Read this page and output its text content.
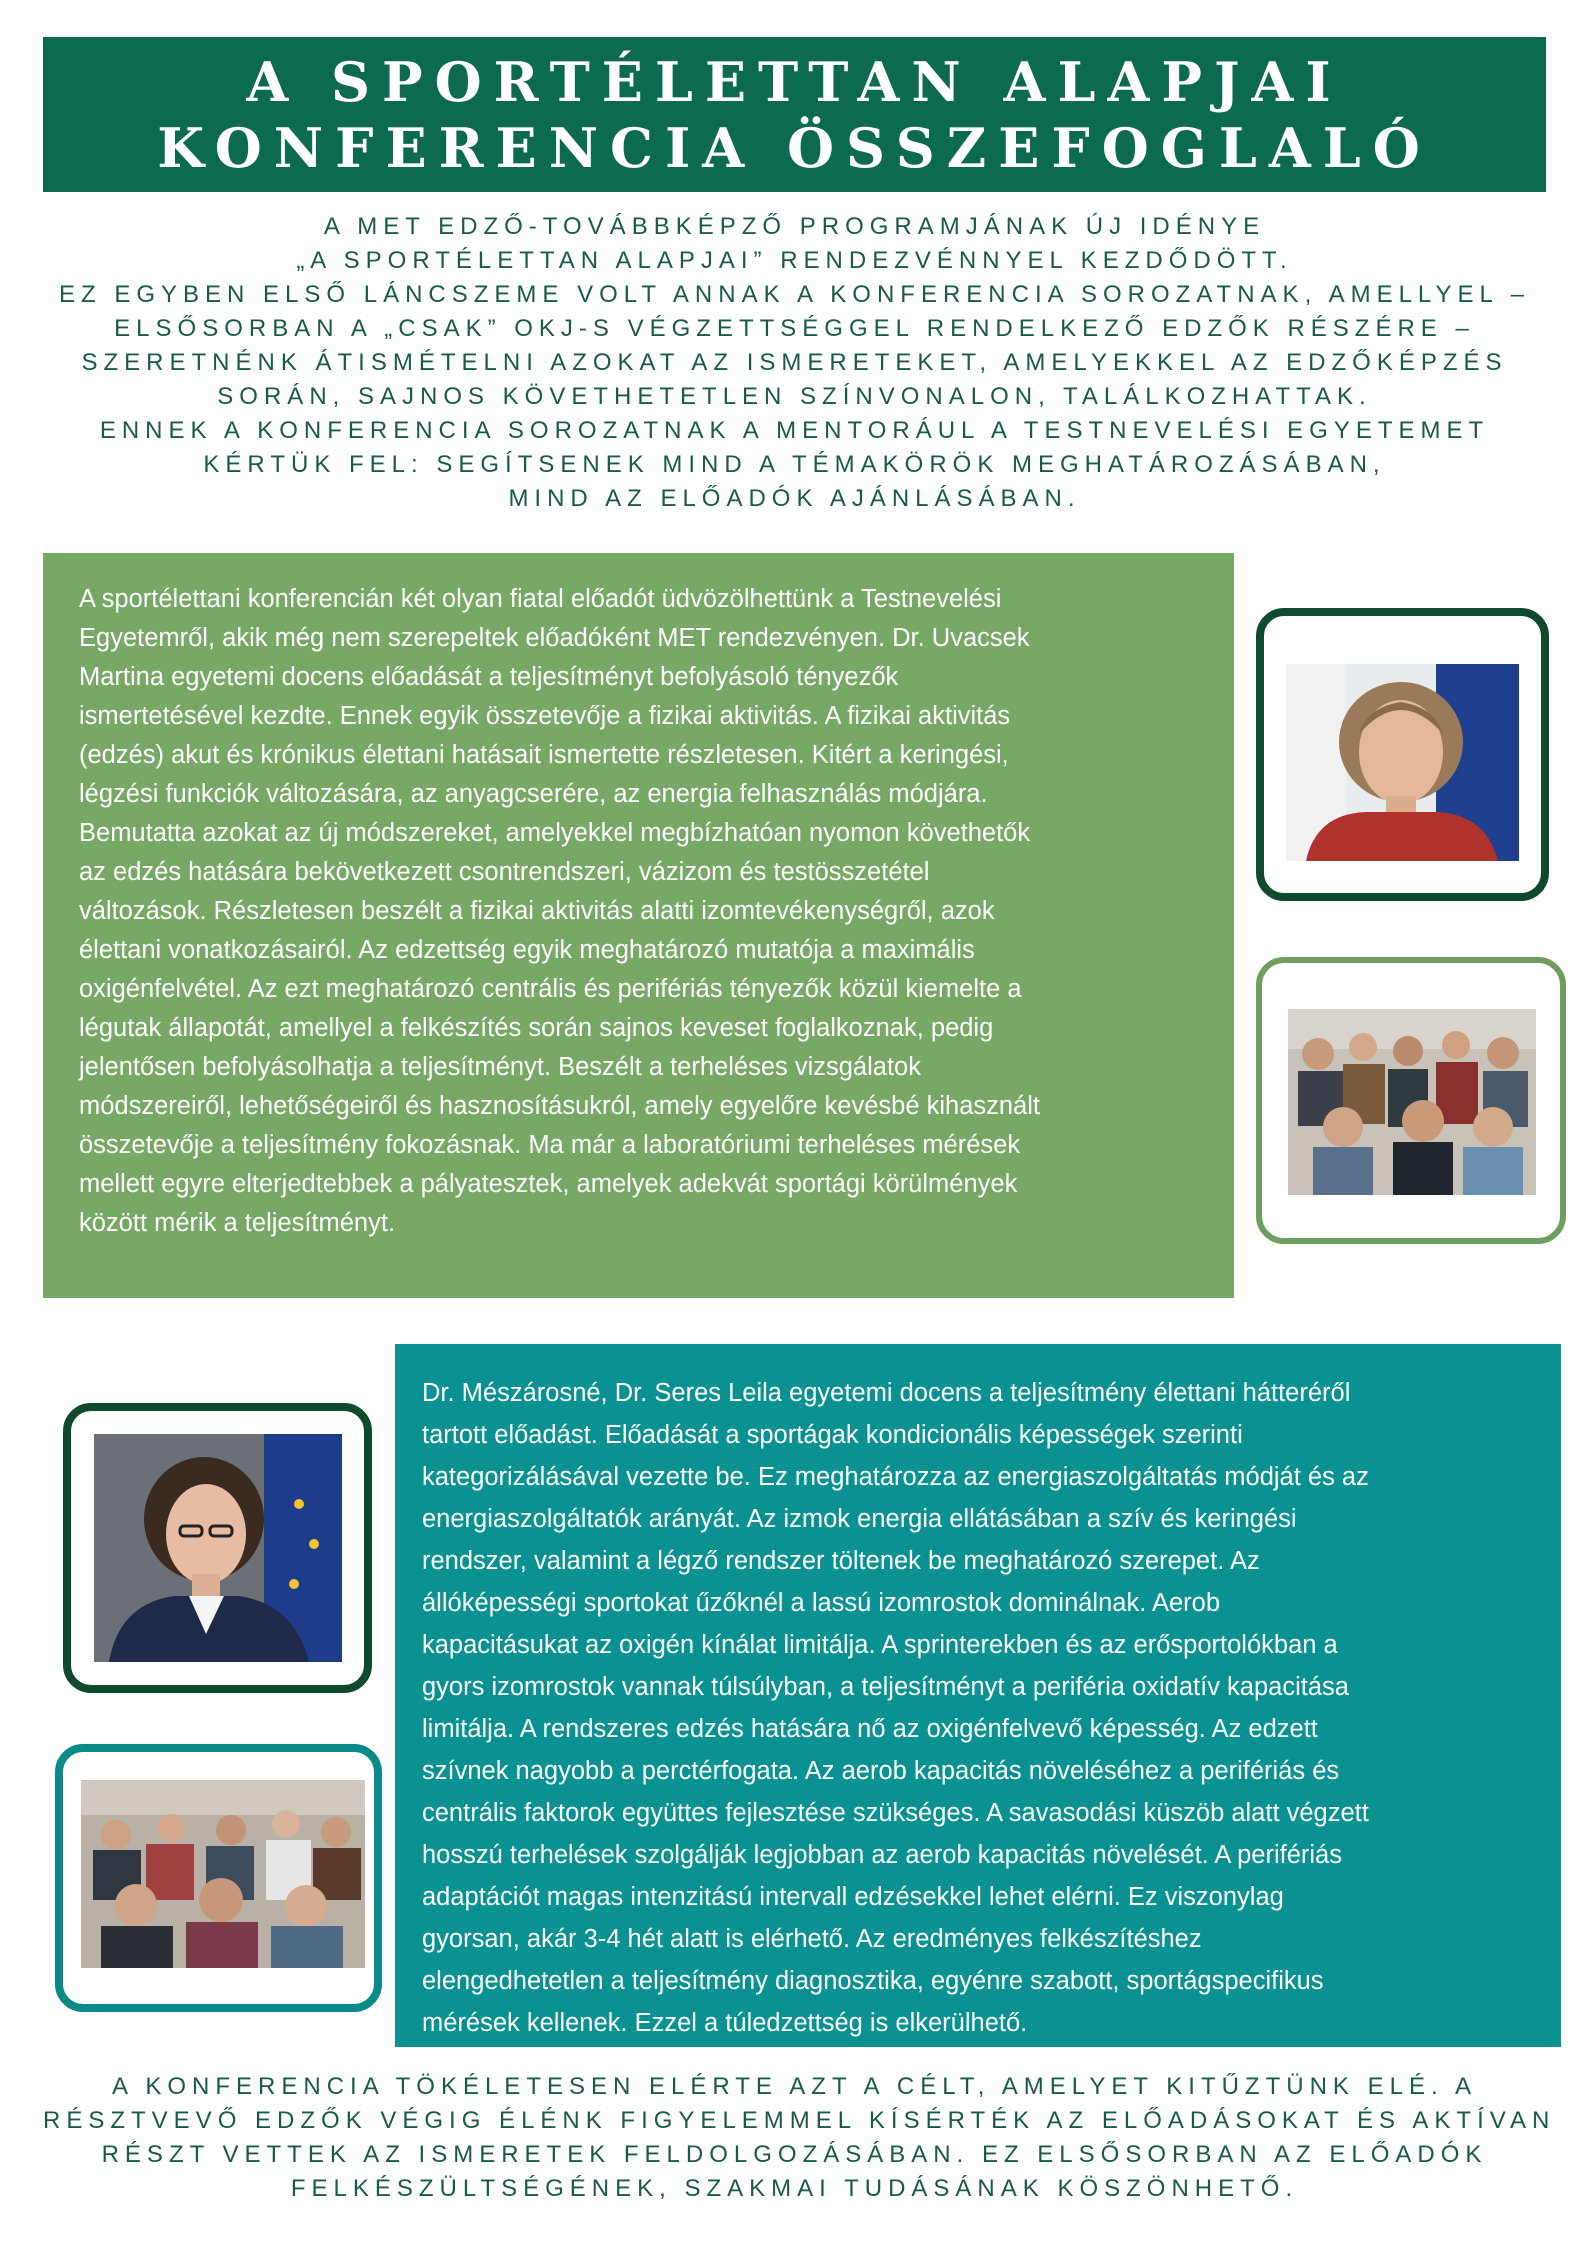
A SPORTÉLETTAN ALAPJAI
KONFERENCIA ÖSSZEFOGLALÓ
A MET EDZŐ-TOVÁBBKÉPZŐ PROGRAMJÁNAK ÚJ IDÉNYE
„A SPORTÉLETTAN ALAPJAI” RENDEZVÉNNYEL KEZDŐDÖTT.
EZ EGYBEN ELSŐ LÁNCSZEME VOLT ANNAK A KONFERENCIA SOROZATNAK, AMELLYEL –
ELSŐSORBAN A „CSAK” OKJ-S VÉGZETTSÉGGEL RENDELKEZŐ EDZŐK RÉSZÉRE –
SZERETNÉNK ÁTISMÉTELNI AZOKAT AZ ISMERETEKET, AMELYEKKEL AZ EDZŐKÉPZÉS
SORÁN, SAJNOS KÖVETHETETLEN SZÍNVONALON, TALÁLKOZHATTAK.
ENNEK A KONFERENCIA SOROZATNAK A MENTORÁUL A TESTNEVELÉSI EGYETEMET
KÉRTÜK FEL: SEGÍTSENEK MIND A TÉMAKÖRÖK MEGHATÁROZÁSÁBAN,
MIND AZ ELŐADÓK AJÁNLÁSÁBAN.
A sportélettani konferencián két olyan fiatal előadót üdvözölhettünk a Testnevelési
Egyetemről, akik még nem szerepeltek előadóként MET rendezvényen. Dr. Uvacsek
Martina egyetemi docens előadását a teljesítményt befolyásoló tényezők
ismertetésével kezdte. Ennek egyik összetevője a fizikai aktivitás. A fizikai aktivitás
(edzés) akut és krónikus élettani hatásait ismertette részletesen. Kitért a keringési,
légzési funkciók változására, az anyagcserére, az energia felhasználás módjára.
Bemutatta azokat az új módszereket, amelyekkel megbízhatóan nyomon követhetők
az edzés hatására bekövetkezett csontrendszeri, vázizom és testösszetétel
változások. Részletesen beszélt a fizikai aktivitás alatti izomtevékenységről, azok
élettani vonatkozásairól. Az edzettség egyik meghatározó mutatója a maximális
oxigénfelvétel. Az ezt meghatározó centrális és perifériás tényezők közül kiemelte a
légutak állapotát, amellyel a felkészítés során sajnos keveset foglalkoznak, pedig
jelentősen befolyásolhatja a teljesítményt. Beszélt a terheléses vizsgálatok
módszereiről, lehetőségeiről és hasznosításukról, amely egyelőre kevésbé kihasznált
összetevője a teljesítmény fokozásnak. Ma már a laboratóriumi terheléses mérések
mellett egyre elterjedtebbek a pályatesztek, amelyek adekvát sportági körülmények
között mérik a teljesítményt.
Dr. Mészárosné, Dr. Seres Leila egyetemi docens a teljesítmény élettani hátteréről
tartott előadást. Előadását a sportágak kondicionális képességek szerinti
kategorizálásával vezette be. Ez meghatározza az energiaszolgáltatás módját és az
energiaszolgáltatók arányát. Az izmok energia ellátásában a szív és keringési
rendszer, valamint a légző rendszer töltenek be meghatározó szerepet. Az
állóképességi sportokat űzőknél a lassú izomrostok dominálnak. Aerob
kapacitásukat az oxigén kínálat limitálja. A sprinterekben és az erősportolókban a
gyors izomrostok vannak túlsúlyban, a teljesítményt a periféria oxidatív kapacitása
limitálja. A rendszeres edzés hatására nő az oxigénfelvevő képesség. Az edzett
szívnek nagyobb a perctérfogata. Az aerob kapacitás növeléséhez a perifériás és
centrális faktorok együttes fejlesztése szükséges. A savasodási küszöb alatt végzett
hosszú terhelések szolgálják legjobban az aerob kapacitás növelését. A perifériás
adaptációt magas intenzitású intervall edzésekkel lehet elérni. Ez viszonylag
gyorsan, akár 3-4 hét alatt is elérhető. Az eredményes felkészítéshez
elengedhetetlen a teljesítmény diagnosztika, egyénre szabott, sportágspecifikus
mérések kellenek. Ezzel a túledzettség is elkerülhető.
A KONFERENCIA TÖKÉLETESEN ELÉRTE AZT A CÉLT, AMELYET KITŰZTÜNK ELÉ. A
RÉSZTVEVŐ EDZŐK VÉGIG ÉLÉNK FIGYELEMMEL KÍSÉRTÉK AZ ELŐADÁSOKAT ÉS AKTÍVAN
RÉSZT VETTEK AZ ISMERETEK FELDOLGOZÁSÁBAN. EZ ELSŐSORBAN AZ ELŐADÓK
FELKÉSZÜLTSÉGÉNEK, SZAKMAI TUDÁSÁNAK KÖSZÖNHETŐ.
